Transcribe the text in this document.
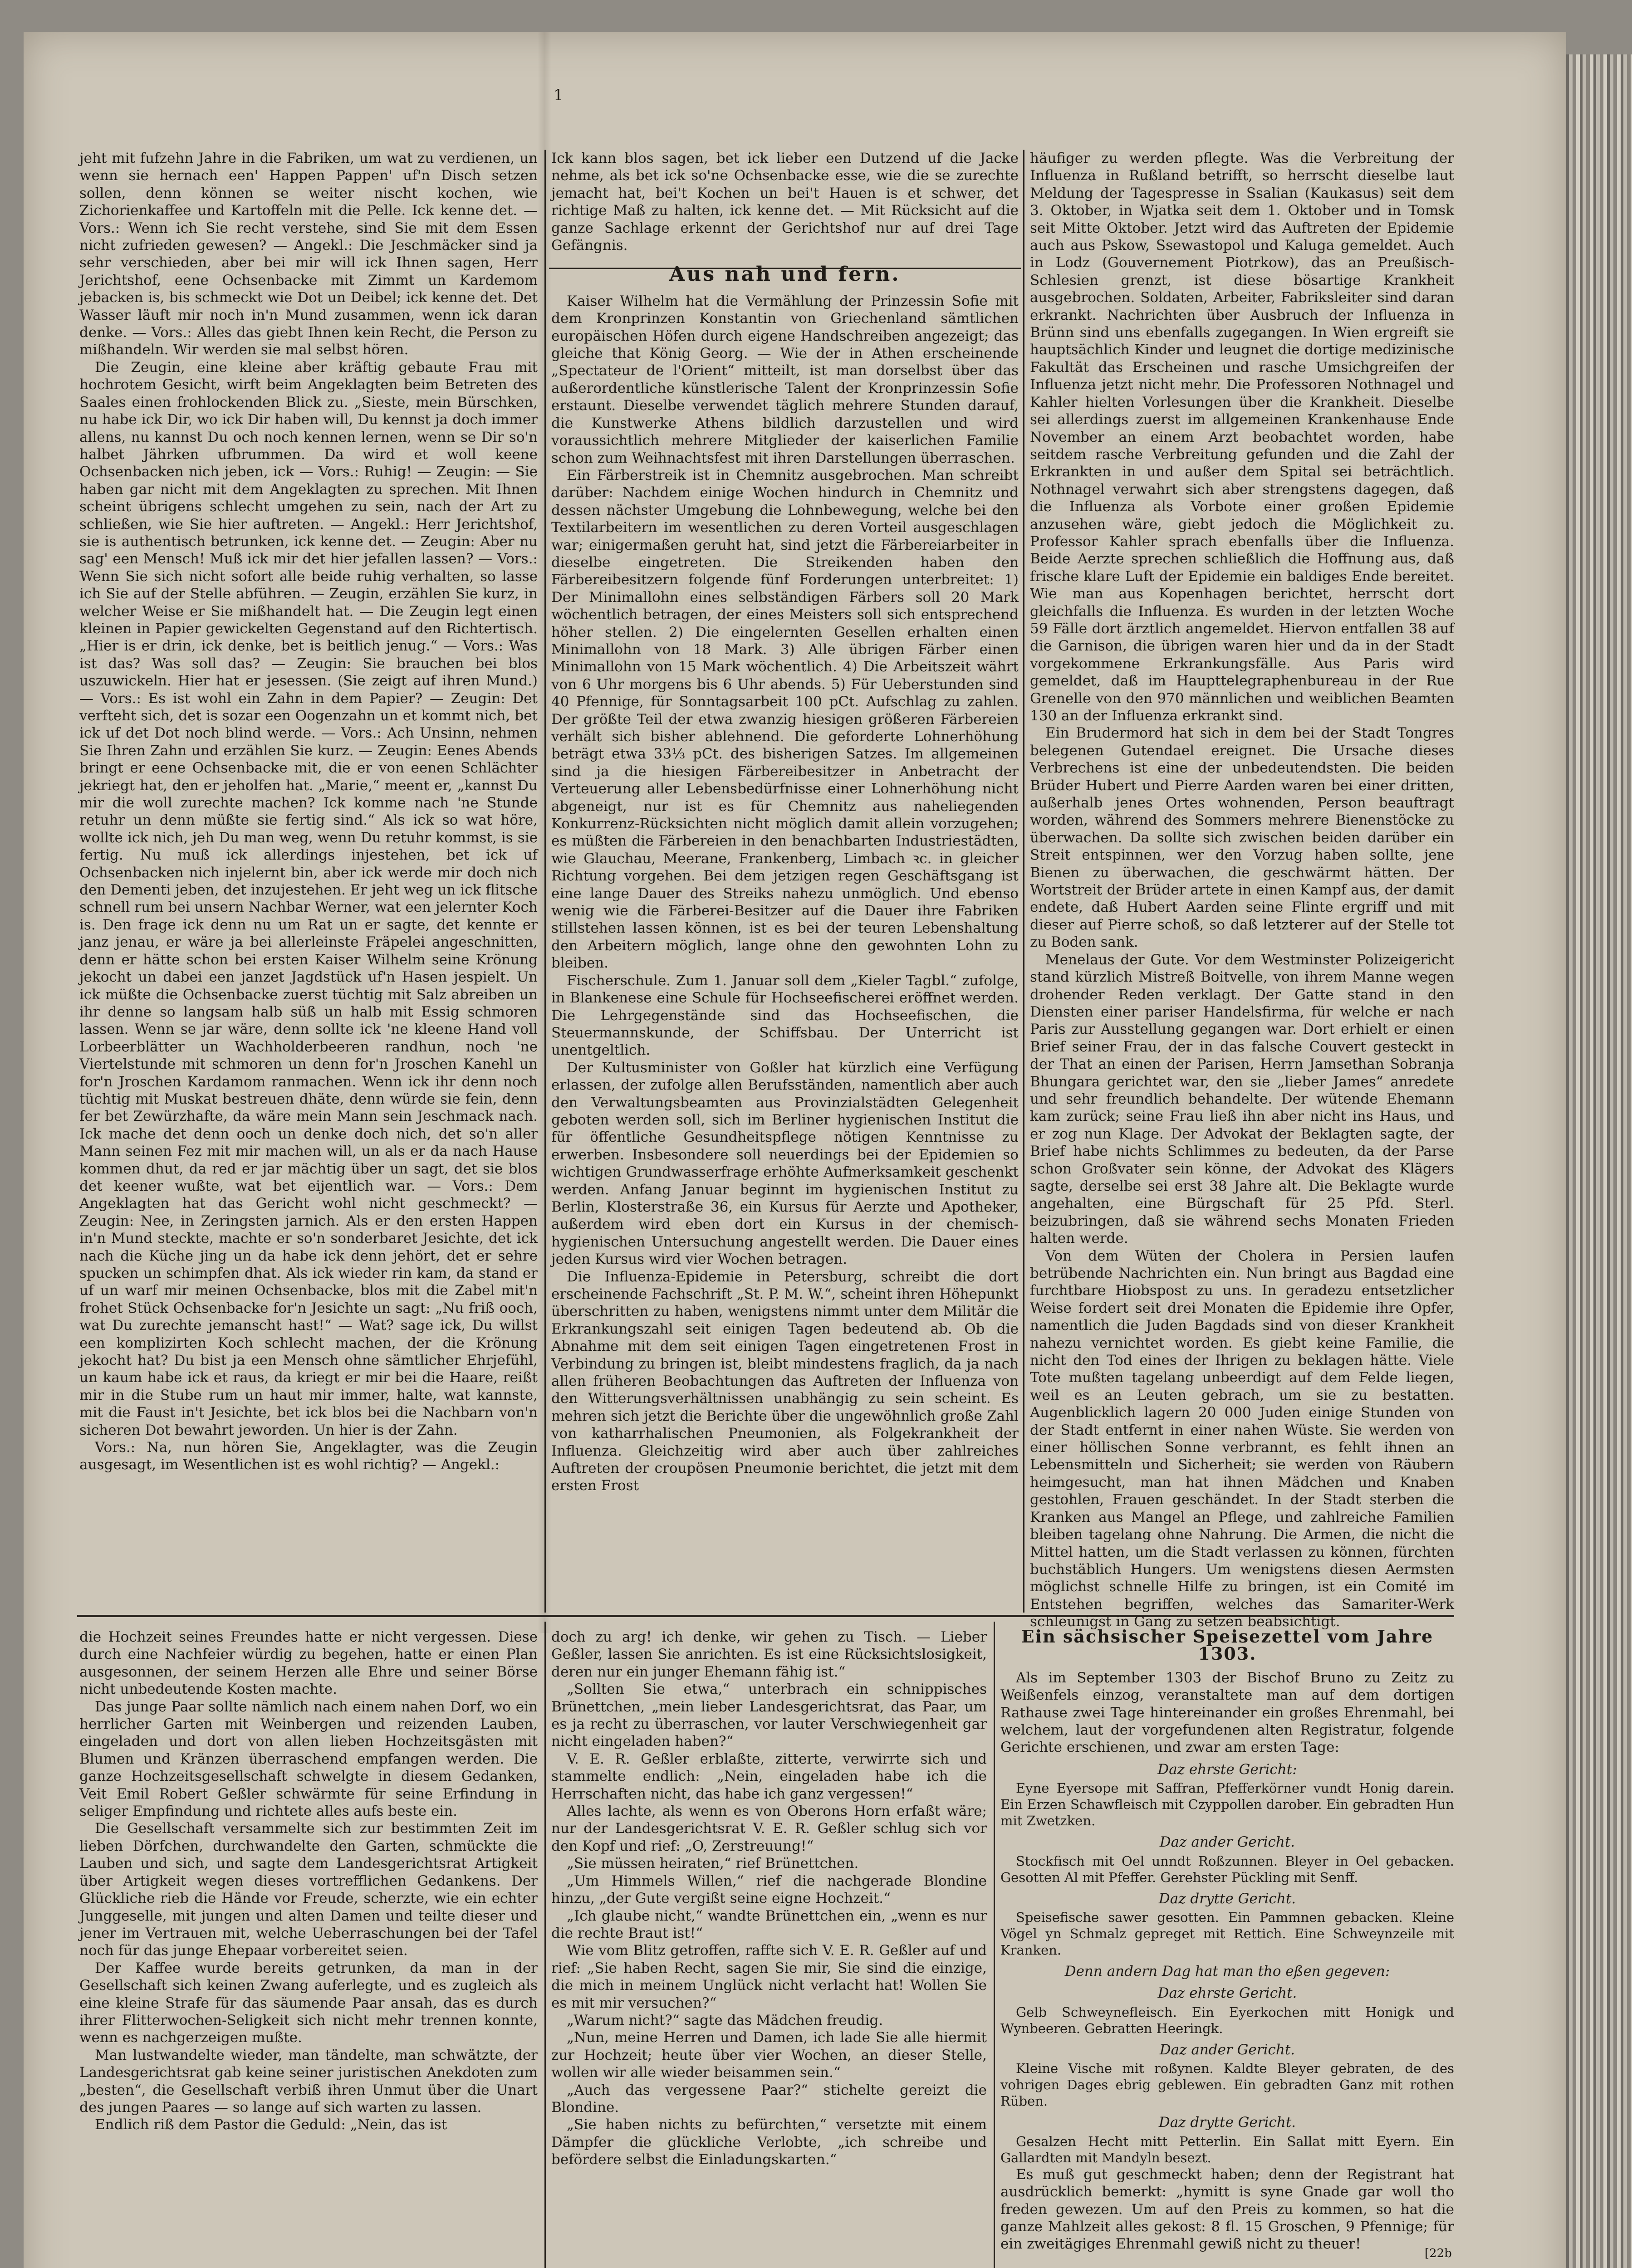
1

jeht mit fufzehn Jahre in die Fabriken, um wat zu verdienen, un wenn sie hernach een' Happen Pappen' uf'n Disch setzen sollen, denn können se weiter nischt kochen, wie Zichorienkaffee und Kartoffeln mit die Pelle. Ick kenne det. — Vors.: Wenn ich Sie recht verstehe, sind Sie mit dem Essen nicht zufrieden gewesen? — Angekl.: Die Jeschmäcker sind ja sehr verschieden, aber bei mir will ick Ihnen sagen, Herr Jerichtshof, eene Ochsenbacke mit Zimmt un Kardemom jebacken is, bis schmeckt wie Dot un Deibel; ick kenne det. Det Wasser läuft mir noch in'n Mund zusammen, wenn ick daran denke. — Vors.: Alles das giebt Ihnen kein Recht, die Person zu mißhandeln. Wir werden sie mal selbst hören.

Die Zeugin, eine kleine aber kräftig gebaute Frau mit hochrotem Gesicht, wirft beim Angeklagten beim Betreten des Saales einen frohlockenden Blick zu. „Sieste, mein Bürschken, nu habe ick Dir, wo ick Dir haben will, Du kennst ja doch immer allens, nu kannst Du och noch kennen lernen, wenn se Dir so'n halbet Jährken ufbrummen. Da wird et woll keene Ochsenbacken nich jeben, ick — Vors.: Ruhig! — Zeugin: — Sie haben gar nicht mit dem Angeklagten zu sprechen. Mit Ihnen scheint übrigens schlecht umgehen zu sein, nach der Art zu schließen, wie Sie hier auftreten. — Angekl.: Herr Jerichtshof, sie is authentisch betrunken, ick kenne det. — Zeugin: Aber nu sag' een Mensch! Muß ick mir det hier jefallen lassen? — Vors.: Wenn Sie sich nicht sofort alle beide ruhig verhalten, so lasse ich Sie auf der Stelle abführen. — Zeugin, erzählen Sie kurz, in welcher Weise er Sie mißhandelt hat. — Die Zeugin legt einen kleinen in Papier gewickelten Gegenstand auf den Richtertisch. „Hier is er drin, ick denke, bet is beitlich jenug.“ — Vors.: Was ist das? Was soll das? — Zeugin: Sie brauchen bei blos uszuwickeln. Hier hat er jesessen. (Sie zeigt auf ihren Mund.) — Vors.: Es ist wohl ein Zahn in dem Papier? — Zeugin: Det verfteht sich, det is sozar een Oogenzahn un et kommt nich, bet ick uf det Dot noch blind werde. — Vors.: Ach Unsinn, nehmen Sie Ihren Zahn und erzählen Sie kurz. — Zeugin: Eenes Abends bringt er eene Ochsenbacke mit, die er von eenen Schlächter jekriegt hat, den er jeholfen hat. „Marie,“ meent er, „kannst Du mir die woll zurechte machen? Ick komme nach 'ne Stunde retuhr un denn müßte sie fertig sind.“ Als ick so wat höre, wollte ick nich, jeh Du man weg, wenn Du retuhr kommst, is sie fertig. Nu muß ick allerdings injestehen, bet ick uf Ochsenbacken nich injelernt bin, aber ick werde mir doch nich den Dementi jeben, det inzujestehen. Er jeht weg un ick flitsche schnell rum bei unsern Nachbar Werner, wat een jelernter Koch is. Den frage ick denn nu um Rat un er sagte, det kennte er janz jenau, er wäre ja bei allerleinste Fräpelei angeschnitten, denn er hätte schon bei ersten Kaiser Wilhelm seine Krönung jekocht un dabei een janzet Jagdstück uf'n Hasen jespielt. Un ick müßte die Ochsenbacke zuerst tüchtig mit Salz abreiben un ihr denne so langsam halb süß un halb mit Essig schmoren lassen. Wenn se jar wäre, denn sollte ick 'ne kleene Hand voll Lorbeerblätter un Wachholderbeeren randhun, noch 'ne Viertelstunde mit schmoren un denn for'n Jroschen Kanehl un for'n Jroschen Kardamom ranmachen. Wenn ick ihr denn noch tüchtig mit Muskat bestreuen dhäte, denn würde sie fein, denn fer bet Zewürzhafte, da wäre mein Mann sein Jeschmack nach. Ick mache det denn ooch un denke doch nich, det so'n aller Mann seinen Fez mit mir machen will, un als er da nach Hause kommen dhut, da red er jar mächtig über un sagt, det sie blos det keener wußte, wat bet eijentlich war. — Vors.: Dem Angeklagten hat das Gericht wohl nicht geschmeckt? — Zeugin: Nee, in Zeringsten jarnich. Als er den ersten Happen in'n Mund steckte, machte er so'n sonderbaret Jesichte, det ick nach die Küche jing un da habe ick denn jehört, det er sehre spucken un schimpfen dhat. Als ick wieder rin kam, da stand er uf un warf mir meinen Ochsenbacke, blos mit die Zabel mit'n frohet Stück Ochsenbacke for'n Jesichte un sagt: „Nu friß ooch, wat Du zurechte jemanscht hast!“ — Wat? sage ick, Du willst een komplizirten Koch schlecht machen, der die Krönung jekocht hat? Du bist ja een Mensch ohne sämtlicher Ehrjefühl, un kaum habe ick et raus, da kriegt er mir bei die Haare, reißt mir in die Stube rum un haut mir immer, halte, wat kannste, mit die Faust in't Jesichte, bet ick blos bei die Nachbarn von'n sicheren Dot bewahrt jeworden. Un hier is der Zahn.

Vors.: Na, nun hören Sie, Angeklagter, was die Zeugin ausgesagt, im Wesentlichen ist es wohl richtig? — Angekl.:

Ick kann blos sagen, bet ick lieber een Dutzend uf die Jacke nehme, als bet ick so'ne Ochsenbacke esse, wie die se zurechte jemacht hat, bei't Kochen un bei't Hauen is et schwer, det richtige Maß zu halten, ick kenne det. — Mit Rücksicht auf die ganze Sachlage erkennt der Gerichtshof nur auf drei Tage Gefängnis.

Aus nah und fern.

Kaiser Wilhelm hat die Vermählung der Prinzessin Sofie mit dem Kronprinzen Konstantin von Griechenland sämtlichen europäischen Höfen durch eigene Handschreiben angezeigt; das gleiche that König Georg. — Wie der in Athen erscheinende „Spectateur de l'Orient“ mitteilt, ist man dorselbst über das außerordentliche künstlerische Talent der Kronprinzessin Sofie erstaunt. Dieselbe verwendet täglich mehrere Stunden darauf, die Kunstwerke Athens bildlich darzustellen und wird voraussichtlich mehrere Mitglieder der kaiserlichen Familie schon zum Weihnachtsfest mit ihren Darstellungen überraschen.

Ein Färberstreik ist in Chemnitz ausgebrochen. Man schreibt darüber: Nachdem einige Wochen hindurch in Chemnitz und dessen nächster Umgebung die Lohnbewegung, welche bei den Textilarbeitern im wesentlichen zu deren Vorteil ausgeschlagen war; einigermaßen geruht hat, sind jetzt die Färbereiarbeiter in dieselbe eingetreten. Die Streikenden haben den Färbereibesitzern folgende fünf Forderungen unterbreitet: 1) Der Minimallohn eines selbständigen Färbers soll 20 Mark wöchentlich betragen, der eines Meisters soll sich entsprechend höher stellen. 2) Die eingelernten Gesellen erhalten einen Minimallohn von 18 Mark. 3) Alle übrigen Färber einen Minimallohn von 15 Mark wöchentlich. 4) Die Arbeitszeit währt von 6 Uhr morgens bis 6 Uhr abends. 5) Für Ueberstunden sind 40 Pfennige, für Sonntagsarbeit 100 pCt. Aufschlag zu zahlen. Der größte Teil der etwa zwanzig hiesigen größeren Färbereien verhält sich bisher ablehnend. Die geforderte Lohnerhöhung beträgt etwa 33⅓ pCt. des bisherigen Satzes. Im allgemeinen sind ja die hiesigen Färbereibesitzer in Anbetracht der Verteuerung aller Lebensbedürfnisse einer Lohnerhöhung nicht abgeneigt, nur ist es für Chemnitz aus naheliegenden Konkurrenz-Rücksichten nicht möglich damit allein vorzugehen; es müßten die Färbereien in den benachbarten Industriestädten, wie Glauchau, Meerane, Frankenberg, Limbach ꝛc. in gleicher Richtung vorgehen. Bei dem jetzigen regen Geschäftsgang ist eine lange Dauer des Streiks nahezu unmöglich. Und ebenso wenig wie die Färberei-Besitzer auf die Dauer ihre Fabriken stillstehen lassen können, ist es bei der teuren Lebenshaltung den Arbeitern möglich, lange ohne den gewohnten Lohn zu bleiben.

Fischerschule. Zum 1. Januar soll dem „Kieler Tagbl.“ zufolge, in Blankenese eine Schule für Hochseefischerei eröffnet werden. Die Lehrgegenstände sind das Hochseefischen, die Steuermannskunde, der Schiffsbau. Der Unterricht ist unentgeltlich.

Der Kultusminister von Goßler hat kürzlich eine Verfügung erlassen, der zufolge allen Berufsständen, namentlich aber auch den Verwaltungsbeamten aus Provinzialstädten Gelegenheit geboten werden soll, sich im Berliner hygienischen Institut die für öffentliche Gesundheitspflege nötigen Kenntnisse zu erwerben. Insbesondere soll neuerdings bei der Epidemien so wichtigen Grundwasserfrage erhöhte Aufmerksamkeit geschenkt werden. Anfang Januar beginnt im hygienischen Institut zu Berlin, Klosterstraße 36, ein Kursus für Aerzte und Apotheker, außerdem wird eben dort ein Kursus in der chemisch-hygienischen Untersuchung angestellt werden. Die Dauer eines jeden Kursus wird vier Wochen betragen.

Die Influenza-Epidemie in Petersburg, schreibt die dort erscheinende Fachschrift „St. P. M. W.“, scheint ihren Höhepunkt überschritten zu haben, wenigstens nimmt unter dem Militär die Erkrankungszahl seit einigen Tagen bedeutend ab. Ob die Abnahme mit dem seit einigen Tagen eingetretenen Frost in Verbindung zu bringen ist, bleibt mindestens fraglich, da ja nach allen früheren Beobachtungen das Auftreten der Influenza von den Witterungsverhältnissen unabhängig zu sein scheint. Es mehren sich jetzt die Berichte über die ungewöhnlich große Zahl von katharrhalischen Pneumonien, als Folgekrankheit der Influenza. Gleichzeitig wird aber auch über zahlreiches Auftreten der croupösen Pneumonie berichtet, die jetzt mit dem ersten Frost

häufiger zu werden pflegte. Was die Verbreitung der Influenza in Rußland betrifft, so herrscht dieselbe laut Meldung der Tagespresse in Ssalian (Kaukasus) seit dem 3. Oktober, in Wjatka seit dem 1. Oktober und in Tomsk seit Mitte Oktober. Jetzt wird das Auftreten der Epidemie auch aus Pskow, Ssewastopol und Kaluga gemeldet. Auch in Lodz (Gouvernement Piotrkow), das an Preußisch-Schlesien grenzt, ist diese bösartige Krankheit ausgebrochen. Soldaten, Arbeiter, Fabriksleiter sind daran erkrankt. Nachrichten über Ausbruch der Influenza in Brünn sind uns ebenfalls zugegangen. In Wien ergreift sie hauptsächlich Kinder und leugnet die dortige medizinische Fakultät das Erscheinen und rasche Umsichgreifen der Influenza jetzt nicht mehr. Die Professoren Nothnagel und Kahler hielten Vorlesungen über die Krankheit. Dieselbe sei allerdings zuerst im allgemeinen Krankenhause Ende November an einem Arzt beobachtet worden, habe seitdem rasche Verbreitung gefunden und die Zahl der Erkrankten in und außer dem Spital sei beträchtlich. Nothnagel verwahrt sich aber strengstens dagegen, daß die Influenza als Vorbote einer großen Epidemie anzusehen wäre, giebt jedoch die Möglichkeit zu. Professor Kahler sprach ebenfalls über die Influenza. Beide Aerzte sprechen schließlich die Hoffnung aus, daß frische klare Luft der Epidemie ein baldiges Ende bereitet. Wie man aus Kopenhagen berichtet, herrscht dort gleichfalls die Influenza. Es wurden in der letzten Woche 59 Fälle dort ärztlich angemeldet. Hiervon entfallen 38 auf die Garnison, die übrigen waren hier und da in der Stadt vorgekommene Erkrankungsfälle. Aus Paris wird gemeldet, daß im Haupttelegraphenbureau in der Rue Grenelle von den 970 männlichen und weiblichen Beamten 130 an der Influenza erkrankt sind.

Ein Brudermord hat sich in dem bei der Stadt Tongres belegenen Gutendael ereignet. Die Ursache dieses Verbrechens ist eine der unbedeutendsten. Die beiden Brüder Hubert und Pierre Aarden waren bei einer dritten, außerhalb jenes Ortes wohnenden, Person beauftragt worden, während des Sommers mehrere Bienenstöcke zu überwachen. Da sollte sich zwischen beiden darüber ein Streit entspinnen, wer den Vorzug haben sollte, jene Bienen zu überwachen, die geschwärmt hätten. Der Wortstreit der Brüder artete in einen Kampf aus, der damit endete, daß Hubert Aarden seine Flinte ergriff und mit dieser auf Pierre schoß, so daß letzterer auf der Stelle tot zu Boden sank.

Menelaus der Gute. Vor dem Westminster Polizeigericht stand kürzlich Mistreß Boitvelle, von ihrem Manne wegen drohender Reden verklagt. Der Gatte stand in den Diensten einer pariser Handelsfirma, für welche er nach Paris zur Ausstellung gegangen war. Dort erhielt er einen Brief seiner Frau, der in das falsche Couvert gesteckt in der That an einen der Parisen, Herrn Jamsethan Sobranja Bhungara gerichtet war, den sie „lieber James“ anredete und sehr freundlich behandelte. Der wütende Ehemann kam zurück; seine Frau ließ ihn aber nicht ins Haus, und er zog nun Klage. Der Advokat der Beklagten sagte, der Brief habe nichts Schlimmes zu bedeuten, da der Parse schon Großvater sein könne, der Advokat des Klägers sagte, derselbe sei erst 38 Jahre alt. Die Beklagte wurde angehalten, eine Bürgschaft für 25 Pfd. Sterl. beizubringen, daß sie während sechs Monaten Frieden halten werde.

Von dem Wüten der Cholera in Persien laufen betrübende Nachrichten ein. Nun bringt aus Bagdad eine furchtbare Hiobspost zu uns. In geradezu entsetzlicher Weise fordert seit drei Monaten die Epidemie ihre Opfer, namentlich die Juden Bagdads sind von dieser Krankheit nahezu vernichtet worden. Es giebt keine Familie, die nicht den Tod eines der Ihrigen zu beklagen hätte. Viele Tote mußten tagelang unbeerdigt auf dem Felde liegen, weil es an Leuten gebrach, um sie zu bestatten. Augenblicklich lagern 20 000 Juden einige Stunden von der Stadt entfernt in einer nahen Wüste. Sie werden von einer höllischen Sonne verbrannt, es fehlt ihnen an Lebensmitteln und Sicherheit; sie werden von Räubern heimgesucht, man hat ihnen Mädchen und Knaben gestohlen, Frauen geschändet. In der Stadt sterben die Kranken aus Mangel an Pflege, und zahlreiche Familien bleiben tagelang ohne Nahrung. Die Armen, die nicht die Mittel hatten, um die Stadt verlassen zu können, fürchten buchstäblich Hungers. Um wenigstens diesen Aermsten möglichst schnelle Hilfe zu bringen, ist ein Comité im Entstehen begriffen, welches das Samariter-Werk schleunigst in Gang zu setzen beabsichtigt.

die Hochzeit seines Freundes hatte er nicht vergessen. Diese durch eine Nachfeier würdig zu begehen, hatte er einen Plan ausgesonnen, der seinem Herzen alle Ehre und seiner Börse nicht unbedeutende Kosten machte.

Das junge Paar sollte nämlich nach einem nahen Dorf, wo ein herrlicher Garten mit Weinbergen und reizenden Lauben, eingeladen und dort von allen lieben Hochzeitsgästen mit Blumen und Kränzen überraschend empfangen werden. Die ganze Hochzeitsgesellschaft schwelgte in diesem Gedanken, Veit Emil Robert Geßler schwärmte für seine Erfindung in seliger Empfindung und richtete alles aufs beste ein.

Die Gesellschaft versammelte sich zur bestimmten Zeit im lieben Dörfchen, durchwandelte den Garten, schmückte die Lauben und sich, und sagte dem Landesgerichtsrat Artigkeit über Artigkeit wegen dieses vortrefflichen Gedankens. Der Glückliche rieb die Hände vor Freude, scherzte, wie ein echter Junggeselle, mit jungen und alten Damen und teilte dieser und jener im Vertrauen mit, welche Ueberraschungen bei der Tafel noch für das junge Ehepaar vorbereitet seien.

Der Kaffee wurde bereits getrunken, da man in der Gesellschaft sich keinen Zwang auferlegte, und es zugleich als eine kleine Strafe für das säumende Paar ansah, das es durch ihrer Flitterwochen-Seligkeit sich nicht mehr trennen konnte, wenn es nachgerzeigen mußte.

Man lustwandelte wieder, man tändelte, man schwätzte, der Landesgerichtsrat gab keine seiner juristischen Anekdoten zum „besten“, die Gesellschaft verbiß ihren Unmut über die Unart des jungen Paares — so lange auf sich warten zu lassen.

Endlich riß dem Pastor die Geduld: „Nein, das ist

doch zu arg! ich denke, wir gehen zu Tisch. — Lieber Geßler, lassen Sie anrichten. Es ist eine Rücksichtslosigkeit, deren nur ein junger Ehemann fähig ist.“

„Sollten Sie etwa,“ unterbrach ein schnippisches Brünettchen, „mein lieber Landesgerichtsrat, das Paar, um es ja recht zu überraschen, vor lauter Verschwiegenheit gar nicht eingeladen haben?“

V. E. R. Geßler erblaßte, zitterte, verwirrte sich und stammelte endlich: „Nein, eingeladen habe ich die Herrschaften nicht, das habe ich ganz vergessen!“

Alles lachte, als wenn es von Oberons Horn erfaßt wäre; nur der Landesgerichtsrat V. E. R. Geßler schlug sich vor den Kopf und rief: „O, Zerstreuung!“

„Sie müssen heiraten,“ rief Brünettchen.

„Um Himmels Willen,“ rief die nachgerade Blondine hinzu, „der Gute vergißt seine eigne Hochzeit.“

„Ich glaube nicht,“ wandte Brünettchen ein, „wenn es nur die rechte Braut ist!“

Wie vom Blitz getroffen, raffte sich V. E. R. Geßler auf und rief: „Sie haben Recht, sagen Sie mir, Sie sind die einzige, die mich in meinem Unglück nicht verlacht hat! Wollen Sie es mit mir versuchen?“

„Warum nicht?“ sagte das Mädchen freudig.

„Nun, meine Herren und Damen, ich lade Sie alle hiermit zur Hochzeit; heute über vier Wochen, an dieser Stelle, wollen wir alle wieder beisammen sein.“

„Auch das vergessene Paar?“ stichelte gereizt die Blondine.

„Sie haben nichts zu befürchten,“ versetzte mit einem Dämpfer die glückliche Verlobte, „ich schreibe und befördere selbst die Einladungskarten.“

Ein sächsischer Speisezettel vom Jahre 1303.

Als im September 1303 der Bischof Bruno zu Zeitz zu Weißenfels einzog, veranstaltete man auf dem dortigen Rathause zwei Tage hintereinander ein großes Ehrenmahl, bei welchem, laut der vorgefundenen alten Registratur, folgende Gerichte erschienen, und zwar am ersten Tage:

Daz ehrste Gericht:

Eyne Eyersope mit Saffran, Pfefferkörner vundt Honig darein. Ein Erzen Schawfleisch mit Czyppollen darober. Ein gebradten Hun mit Zwetzken.

Daz ander Gericht.

Stockfisch mit Oel unndt Roßzunnen. Bleyer in Oel gebacken. Gesotten Al mit Pfeffer. Gerehster Pückling mit Senff.

Daz drytte Gericht.

Speisefische sawer gesotten. Ein Pammnen gebacken. Kleine Vögel yn Schmalz gepreget mit Rettich. Eine Schweynzeile mit Kranken.

Denn andern Dag hat man tho eßen gegeven:
Daz ehrste Gericht.

Gelb Schweynefleisch. Ein Eyerkochen mitt Honigk und Wynbeeren. Gebratten Heeringk.

Daz ander Gericht.

Kleine Vische mit roßynen. Kaldte Bleyer gebraten, de des vohrigen Dages ebrig geblewen. Ein gebradten Ganz mit rothen Rüben.

Daz drytte Gericht.

Gesalzen Hecht mitt Petterlin. Ein Sallat mitt Eyern. Ein Gallardten mit Mandyln besezt.

Es muß gut geschmeckt haben; denn der Registrant hat ausdrücklich bemerkt: „hymitt is syne Gnade gar woll tho freden gewezen. Um auf den Preis zu kommen, so hat die ganze Mahlzeit alles gekost: 8 fl. 15 Groschen, 9 Pfennige; für ein zweitägiges Ehrenmahl gewiß nicht zu theuer!

[22b
